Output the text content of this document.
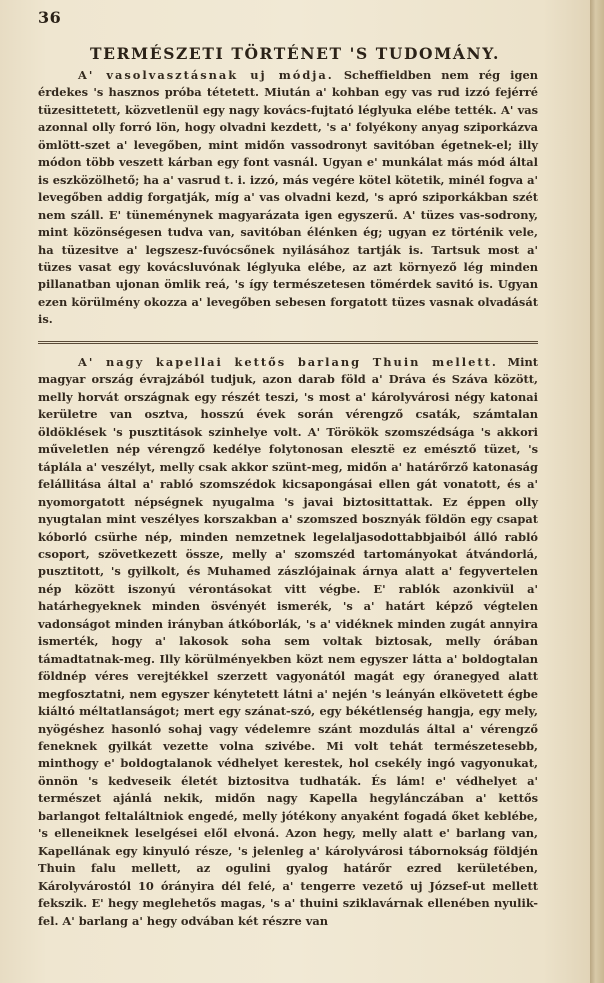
36
TERMÉSZETI TÖRTÉNET 'S TUDOMÁNY.

A' vasolvasztásnak uj módja. Scheffieldben nem rég igen érdekes 's hasznos próba tétetett. Miután a' kohban egy vas rud izzó fejérré tüzesittetett, közvetlenül egy nagy kovács-fujtató léglyuka elébe tették. A' vas azonnal olly forró lön, hogy olvadni kezdett, 's a' folyékony anyag sziporkázva ömlött-szet a' levegőben, mint midőn vassodronyt savitóban égetnek-el; illy módon több veszett kárban egy font vasnál. Ugyan e' munkálat más mód által is eszközölhető; ha a' vasrud t. i. izzó, más vegére kötel kötetik, minél fogva a' levegőben addig forgatják, míg a' vas olvadni kezd, 's apró sziporkákban szét nem száll. E' tüneménynek magyarázata igen egyszerű. A' tüzes vas-sodrony, mint közönségesen tudva van, savitóban élénken ég; ugyan ez történik vele, ha tüzesitve a' legszesz-fuvócsőnek nyilásához tartják is. Tartsuk most a' tüzes vasat egy kovácsluvónak léglyuka elébe, az azt környező lég minden pillanatban ujonan ömlik reá, 's így természetesen tömérdek savitó is. Ugyan ezen körülmény okozza a' levegőben sebesen forgatott tüzes vasnak olvadását is.

A' nagy kapellai kettős barlang Thuin mellett. Mint magyar ország évrajzából tudjuk, azon darab föld a' Dráva és Száva között, melly horvát országnak egy részét teszi, 's most a' károlyvárosi négy katonai kerületre van osztva, hosszú évek során vérengző csaták, számtalan öldöklések 's pusztitások szinhelye volt. A' Törökök szomszédsága 's akkori műveletlen nép vérengző kedélye folytonosan elesztë ez emésztő tüzet, 's táplála a' veszélyt, melly csak akkor szünt-meg, midőn a' határőrző katonaság felállitása által a' rabló szomszédok kicsapongásai ellen gát vonatott, és a' nyomorgatott népségnek nyugalma 's javai biztosittattak. Ez éppen olly nyugtalan mint veszélyes korszakban a' szomszed bosznyák földön egy csapat kóborló csürhe nép, minden nemzetnek legelaljasodottabbjaiból álló rabló csoport, szövetkezett össze, melly a' szomszéd tartományokat átvándorlá, pusztitott, 's gyilkolt, és Muhamed zászlójainak árnya alatt a' fegyvertelen nép között iszonyú vérontásokat vitt végbe. E' rablók azonkivül a' határhegyeknek minden ösvényét ismerék, 's a' határt képző végtelen vadonságot minden irányban átkóborlák, 's a' vidéknek minden zugát annyira ismerték, hogy a' lakosok soha sem voltak biztosak, melly órában támadtatnak-meg. Illy körülményekben közt nem egyszer látta a' boldogtalan földnép véres verejtékkel szerzett vagyonától magát egy óranegyed alatt megfosztatni, nem egyszer kénytetett látni a' nején 's leányán elkövetett égbe kiáltó méltatlanságot; mert egy szánat-szó, egy békétlenség hangja, egy mely, nyögéshez hasonló sohaj vagy védelemre szánt mozdulás által a' vérengző feneknek gyilkát vezette volna szivébe. Mi volt tehát természetesebb, minthogy e' boldogtalanok védhelyet kerestek, hol csekély ingó vagyonukat, önnön 's kedveseik életét biztositva tudhaták. És lám! e' védhelyet a' természet ajánlá nekik, midőn nagy Kapella hegylánczában a' kettős barlangot feltaláltniok engedé, melly jótékony anyaként fogadá őket keblébe, 's elleneiknek leselgései elől elvoná. Azon hegy, melly alatt e' barlang van, Kapellának egy kinyuló része, 's jelenleg a' károlyvárosi tábornokság földjén Thuin falu mellett, az ogulini gyalog határőr ezred kerületében, Károlyvárostól 10 órányira dél felé, a' tengerre vezető uj József-ut mellett fekszik. E' hegy meglehetős magas, 's a' thuini sziklavárnak ellenében nyulik-fel. A' barlang a' hegy odvában két részre van
